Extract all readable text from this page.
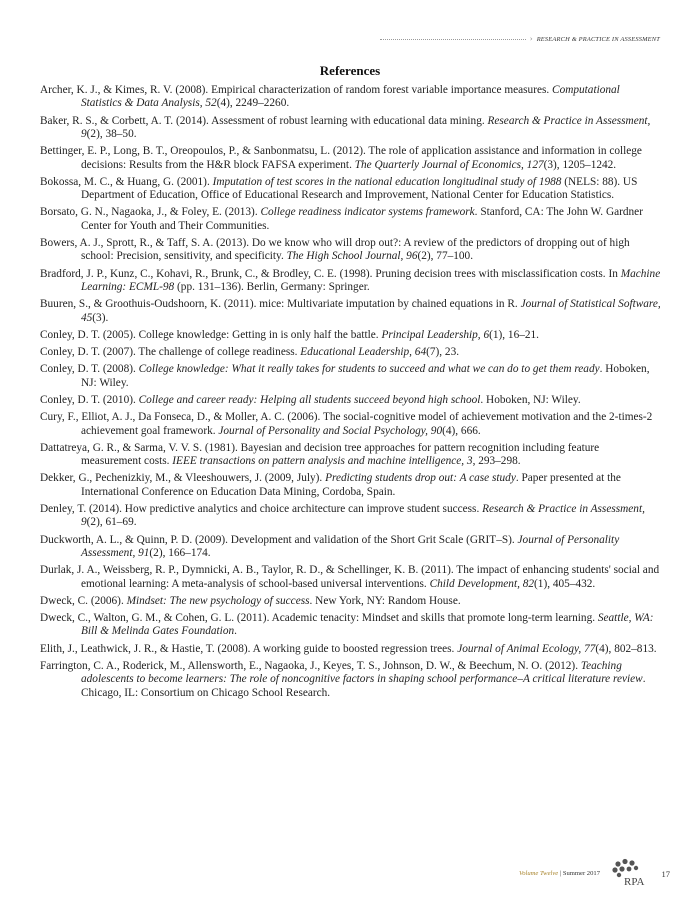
› RESEARCH & PRACTICE IN ASSESSMENT
References

Archer, K. J., & Kimes, R. V. (2008). Empirical characterization of random forest variable importance measures. Computational Statistics & Data Analysis, 52(4), 2249–2260.

Baker, R. S., & Corbett, A. T. (2014). Assessment of robust learning with educational data mining. Research & Practice in Assessment, 9(2), 38–50.

Bettinger, E. P., Long, B. T., Oreopoulos, P., & Sanbonmatsu, L. (2012). The role of application assistance and information in college decisions: Results from the H&R block FAFSA experiment. The Quarterly Journal of Economics, 127(3), 1205–1242.

Bokossa, M. C., & Huang, G. (2001). Imputation of test scores in the national education longitudinal study of 1988 (NELS: 88). US Department of Education, Office of Educational Research and Improvement, National Center for Education Statistics.

Borsato, G. N., Nagaoka, J., & Foley, E. (2013). College readiness indicator systems framework. Stanford, CA: The John W. Gardner Center for Youth and Their Communities.

Bowers, A. J., Sprott, R., & Taff, S. A. (2013). Do we know who will drop out?: A review of the predictors of dropping out of high school: Precision, sensitivity, and specificity. The High School Journal, 96(2), 77–100.

Bradford, J. P., Kunz, C., Kohavi, R., Brunk, C., & Brodley, C. E. (1998). Pruning decision trees with misclassification costs. In Machine Learning: ECML-98 (pp. 131–136). Berlin, Germany: Springer.

Buuren, S., & Groothuis-Oudshoorn, K. (2011). mice: Multivariate imputation by chained equations in R. Journal of Statistical Software, 45(3).

Conley, D. T. (2005). College knowledge: Getting in is only half the battle. Principal Leadership, 6(1), 16–21.

Conley, D. T. (2007). The challenge of college readiness. Educational Leadership, 64(7), 23.

Conley, D. T. (2008). College knowledge: What it really takes for students to succeed and what we can do to get them ready. Hoboken, NJ: Wiley.

Conley, D. T. (2010). College and career ready: Helping all students succeed beyond high school. Hoboken, NJ: Wiley.

Cury, F., Elliot, A. J., Da Fonseca, D., & Moller, A. C. (2006). The social-cognitive model of achievement motivation and the 2-times-2 achievement goal framework. Journal of Personality and Social Psychology, 90(4), 666.

Dattatreya, G. R., & Sarma, V. V. S. (1981). Bayesian and decision tree approaches for pattern recognition including feature measurement costs. IEEE transactions on pattern analysis and machine intelligence, 3, 293–298.

Dekker, G., Pechenizkiy, M., & Vleeshouwers, J. (2009, July). Predicting students drop out: A case study. Paper presented at the International Conference on Education Data Mining, Cordoba, Spain.

Denley, T. (2014). How predictive analytics and choice architecture can improve student success. Research & Practice in Assessment, 9(2), 61–69.

Duckworth, A. L., & Quinn, P. D. (2009). Development and validation of the Short Grit Scale (GRIT–S). Journal of Personality Assessment, 91(2), 166–174.

Durlak, J. A., Weissberg, R. P., Dymnicki, A. B., Taylor, R. D., & Schellinger, K. B. (2011). The impact of enhancing students' social and emotional learning: A meta-analysis of school-based universal interventions. Child Development, 82(1), 405–432.

Dweck, C. (2006). Mindset: The new psychology of success. New York, NY: Random House.

Dweck, C., Walton, G. M., & Cohen, G. L. (2011). Academic tenacity: Mindset and skills that promote long-term learning. Seattle, WA: Bill & Melinda Gates Foundation.

Elith, J., Leathwick, J. R., & Hastie, T. (2008). A working guide to boosted regression trees. Journal of Animal Ecology, 77(4), 802–813.

Farrington, C. A., Roderick, M., Allensworth, E., Nagaoka, J., Keyes, T. S., Johnson, D. W., & Beechum, N. O. (2012). Teaching adolescents to become learners: The role of noncognitive factors in shaping school performance–A critical literature review. Chicago, IL: Consortium on Chicago School Research.

Volume Twelve | Summer 2017
RPA
17
